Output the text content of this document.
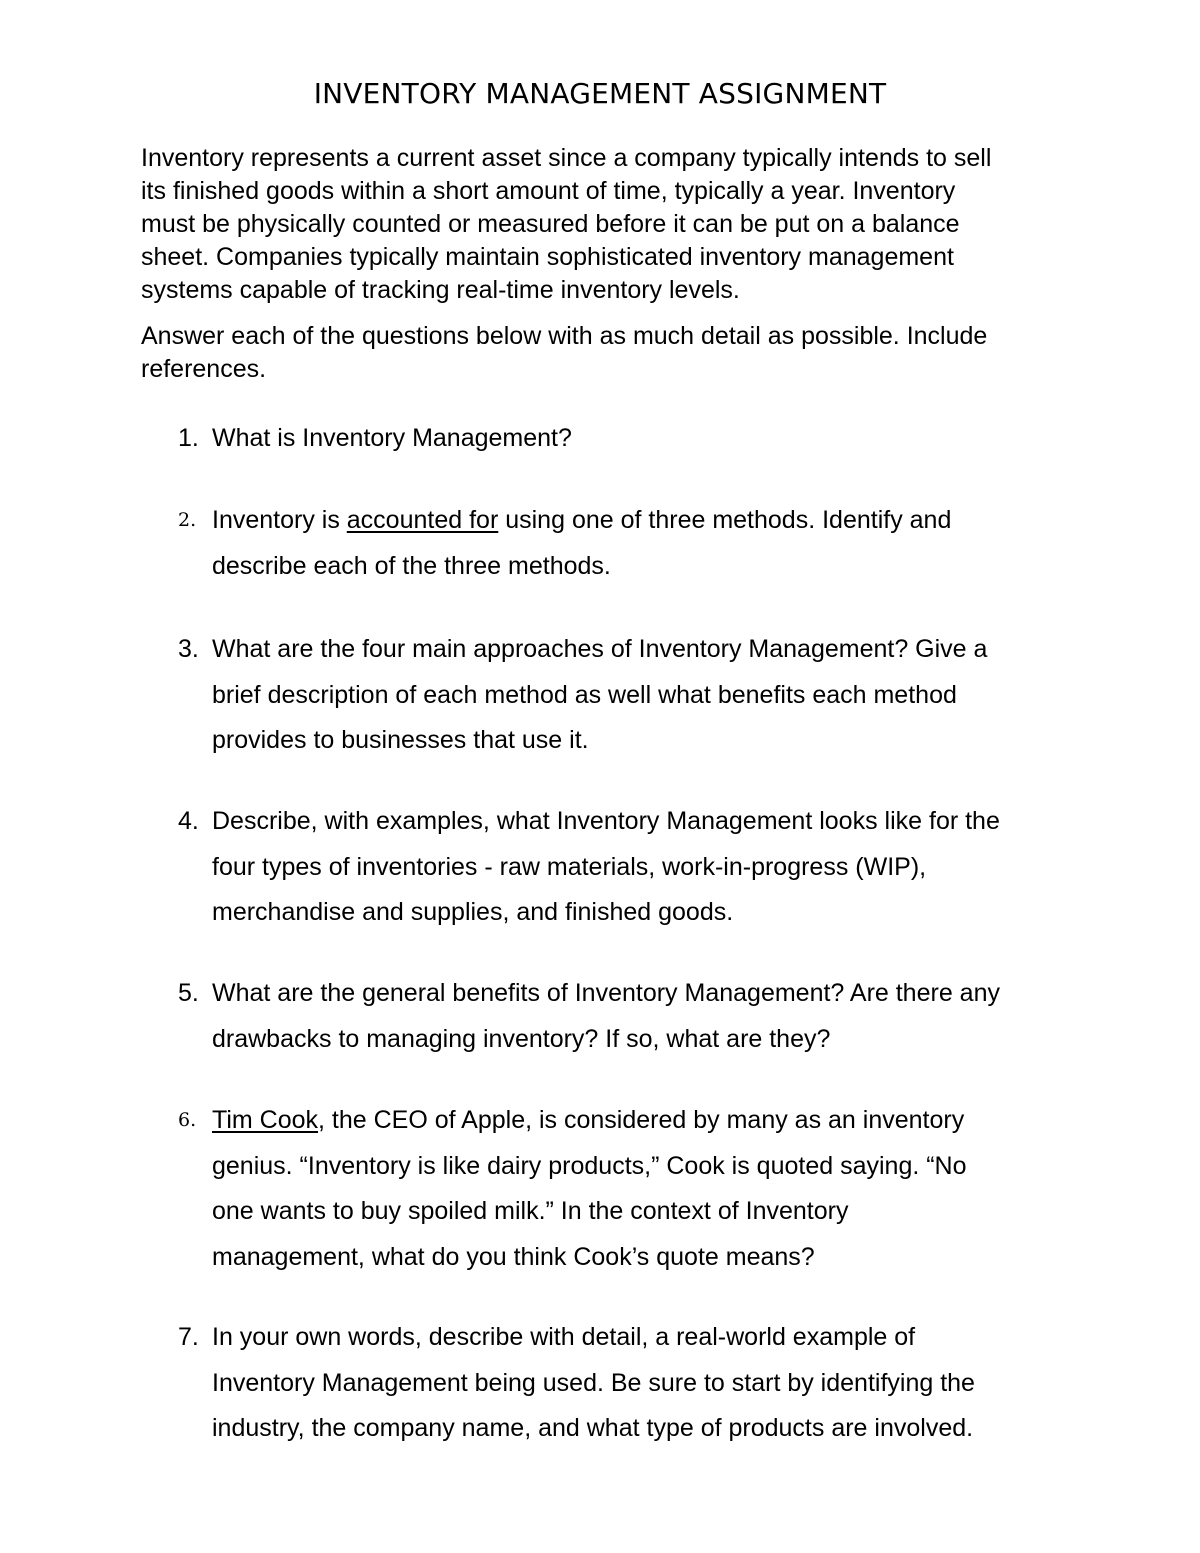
INVENTORY MANAGEMENT ASSIGNMENT

Inventory represents a current asset since a company typically intends to sell
its finished goods within a short amount of time, typically a year. Inventory
must be physically counted or measured before it can be put on a balance
sheet. Companies typically maintain sophisticated inventory management
systems capable of tracking real-time inventory levels.

Answer each of the questions below with as much detail as possible. Include
references.

1. What is Inventory Management?
2. Inventory is accounted for using one of three methods. Identify and
describe each of the three methods.
3. What are the four main approaches of Inventory Management? Give a
brief description of each method as well what benefits each method
provides to businesses that use it.
4. Describe, with examples, what Inventory Management looks like for the
four types of inventories - raw materials, work-in-progress (WIP),
merchandise and supplies, and finished goods.
5. What are the general benefits of Inventory Management? Are there any
drawbacks to managing inventory? If so, what are they?
6. Tim Cook, the CEO of Apple, is considered by many as an inventory
genius. “Inventory is like dairy products,” Cook is quoted saying. “No
one wants to buy spoiled milk.” In the context of Inventory
management, what do you think Cook’s quote means?
7. In your own words, describe with detail, a real-world example of
Inventory Management being used. Be sure to start by identifying the
industry, the company name, and what type of products are involved.
